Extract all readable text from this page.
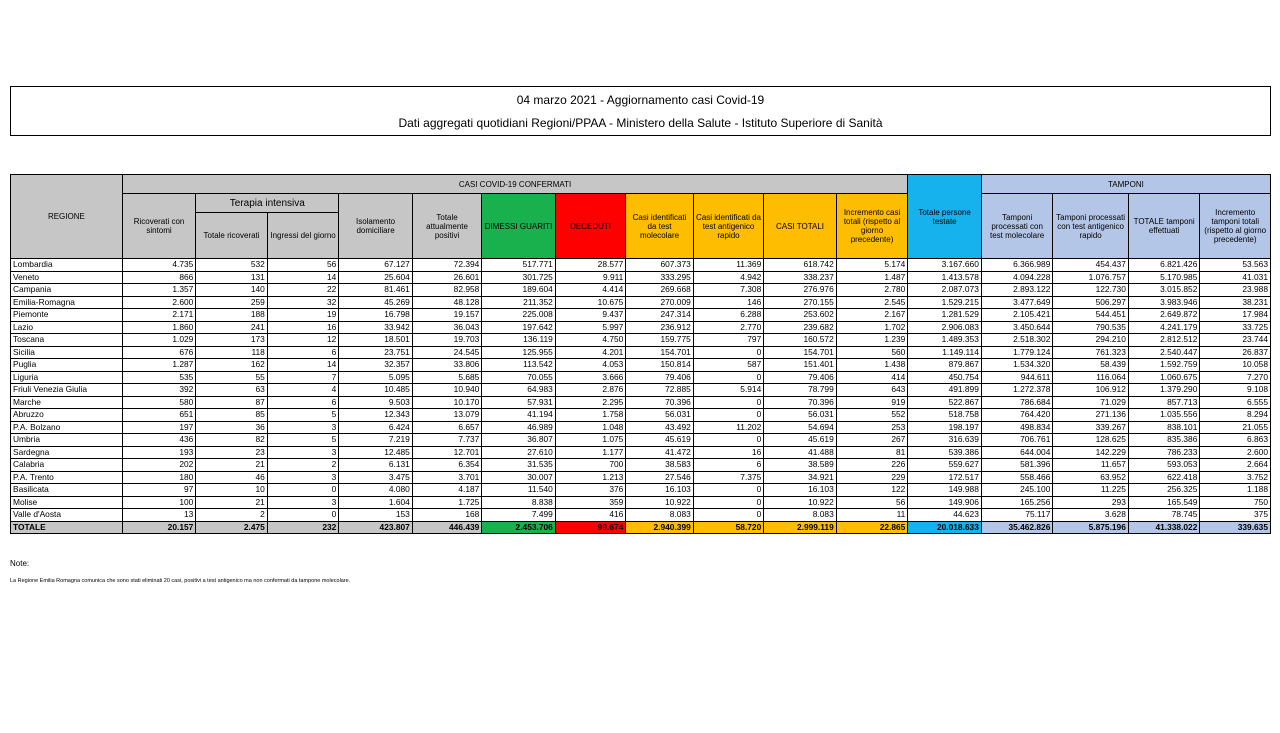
04 marzo 2021 - Aggiornamento casi Covid-19
Dati aggregati quotidiani Regioni/PPAA - Ministero della Salute - Istituto Superiore di Sanità
REGIONE	CASI COVID-19 CONFERMATI											Totale persone testate	TAMPONI			
	Ricoverati con sintomi	Terapia intensiva		Isolamento domiciliare	Totale attualmente positivi	DIMESSI GUARITI	DECEDUTI	Casi identificati da test molecolare	Casi identificati da test antigenico rapido	CASI TOTALI	Incremento casi totali (rispetto al giorno precedente)		Tamponi processati con test molecolare	Tamponi processati con test antigenico rapido	TOTALE tamponi effettuati	Incremento tamponi totali (rispetto al giorno precedente)
		Totale ricoverati	Ingressi del giorno													
Lombardia	4.735	532	56	67.127	72.394	517.771	28.577	607.373	11.369	618.742	5.174	3.167.660	6.366.989	454.437	6.821.426	53.563
Veneto	866	131	14	25.604	26.601	301.725	9.911	333.295	4.942	338.237	1.487	1.413.578	4.094.228	1.076.757	5.170.985	41.031
Campania	1.357	140	22	81.461	82.958	189.604	4.414	269.668	7.308	276.976	2.780	2.087.073	2.893.122	122.730	3.015.852	23.988
Emilia-Romagna	2.600	259	32	45.269	48.128	211.352	10.675	270.009	146	270.155	2.545	1.529.215	3.477.649	506.297	3.983.946	38.231
Piemonte	2.171	188	19	16.798	19.157	225.008	9.437	247.314	6.288	253.602	2.167	1.281.529	2.105.421	544.451	2.649.872	17.984
Lazio	1.860	241	16	33.942	36.043	197.642	5.997	236.912	2.770	239.682	1.702	2.906.083	3.450.644	790.535	4.241.179	33.725
Toscana	1.029	173	12	18.501	19.703	136.119	4.750	159.775	797	160.572	1.239	1.489.353	2.518.302	294.210	2.812.512	23.744
Sicilia	676	118	6	23.751	24.545	125.955	4.201	154.701	0	154.701	560	1.149.114	1.779.124	761.323	2.540.447	26.837
Puglia	1.287	162	14	32.357	33.806	113.542	4.053	150.814	587	151.401	1.438	879.867	1.534.320	58.439	1.592.759	10.058
Liguria	535	55	7	5.095	5.685	70.055	3.666	79.406	0	79.406	414	450.754	944.611	116.064	1.060.675	7.270
Friuli Venezia Giulia	392	63	4	10.485	10.940	64.983	2.876	72.885	5.914	78.799	643	491.899	1.272.378	106.912	1.379.290	9.108
Marche	580	87	6	9.503	10.170	57.931	2.295	70.396	0	70.396	919	522.867	786.684	71.029	857.713	6.555
Abruzzo	651	85	5	12.343	13.079	41.194	1.758	56.031	0	56.031	552	518.758	764.420	271.136	1.035.556	8.294
P.A. Bolzano	197	36	3	6.424	6.657	46.989	1.048	43.492	11.202	54.694	253	198.197	498.834	339.267	838.101	21.055
Umbria	436	82	5	7.219	7.737	36.807	1.075	45.619	0	45.619	267	316.639	706.761	128.625	835.386	6.863
Sardegna	193	23	3	12.485	12.701	27.610	1.177	41.472	16	41.488	81	539.386	644.004	142.229	786.233	2.600
Calabria	202	21	2	6.131	6.354	31.535	700	38.583	6	38.589	226	559.627	581.396	11.657	593.053	2.664
P.A. Trento	180	46	3	3.475	3.701	30.007	1.213	27.546	7.375	34.921	229	172.517	558.466	63.952	622.418	3.752
Basilicata	97	10	0	4.080	4.187	11.540	376	16.103	0	16.103	122	149.988	245.100	11.225	256.325	1.188
Molise	100	21	3	1.604	1.725	8.838	359	10.922	0	10.922	56	149.906	165.256	293	165.549	750
Valle d'Aosta	13	2	0	153	168	7.499	416	8.083	0	8.083	11	44.623	75.117	3.628	78.745	375
TOTALE	20.157	2.475	232	423.807	446.439	2.453.706	99.674	2.940.399	58.720	2.999.119	22.865	20.018.633	35.462.826	5.875.196	41.338.022	339.635
Note:
La Regione Emilia Romagna comunica che sono stati eliminati 20 casi, positivi a test antigenico ma non confermati da tampone molecolare.
